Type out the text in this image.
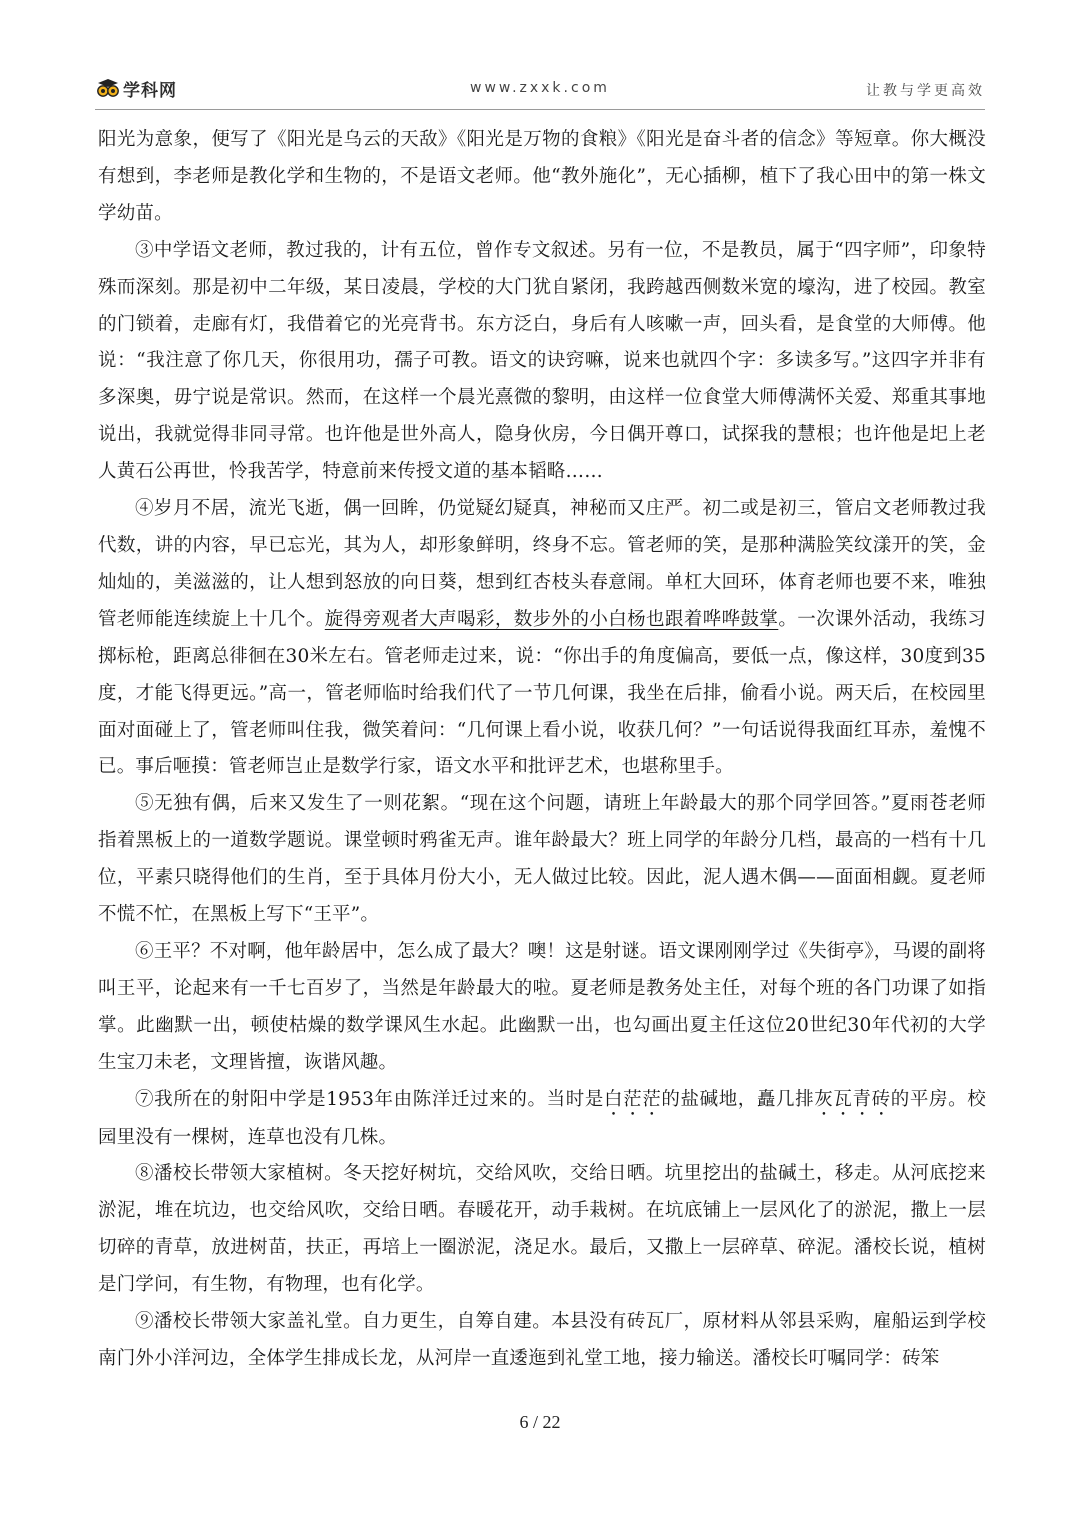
学科网	www.zxxk.com	让教与学更高效

阳光为意象，便写了《阳光是乌云的天敌》《阳光是万物的食粮》《阳光是奋斗者的信念》等短章。你大概没有想到，李老师是教化学和生物的，不是语文老师。他“教外施化”，无心插柳，植下了我心田中的第一株文学幼苗。

③中学语文老师，教过我的，计有五位，曾作专文叙述。另有一位，不是教员，属于“四字师”，印象特殊而深刻。那是初中二年级，某日凌晨，学校的大门犹自紧闭，我跨越西侧数米宽的壕沟，进了校园。教室的门锁着，走廊有灯，我借着它的光亮背书。东方泛白，身后有人咳嗽一声，回头看，是食堂的大师傅。他说：“我注意了你几天，你很用功，孺子可教。语文的诀窍嘛，说来也就四个字：多读多写。”这四字并非有多深奥，毋宁说是常识。然而，在这样一个晨光熹微的黎明，由这样一位食堂大师傅满怀关爱、郑重其事地说出，我就觉得非同寻常。也许他是世外高人，隐身伙房，今日偶开尊口，试探我的慧根；也许他是圯上老人黄石公再世，怜我苦学，特意前来传授文道的基本韬略……

④岁月不居，流光飞逝，偶一回眸，仍觉疑幻疑真，神秘而又庄严。初二或是初三，管启文老师教过我代数，讲的内容，早已忘光，其为人，却形象鲜明，终身不忘。管老师的笑，是那种满脸笑纹漾开的笑，金灿灿的，美滋滋的，让人想到怒放的向日葵，想到红杏枝头春意闹。单杠大回环，体育老师也要不来，唯独管老师能连续旋上十几个。旋得旁观者大声喝彩，数步外的小白杨也跟着哗哗鼓掌。一次课外活动，我练习掷标枪，距离总徘徊在30米左右。管老师走过来，说：“你出手的角度偏高，要低一点，像这样，30度到35度，才能飞得更远。”高一，管老师临时给我们代了一节几何课，我坐在后排，偷看小说。两天后，在校园里面对面碰上了，管老师叫住我，微笑着问：“几何课上看小说，收获几何？”一句话说得我面红耳赤，羞愧不已。事后咂摸：管老师岂止是数学行家，语文水平和批评艺术，也堪称里手。

⑤无独有偶，后来又发生了一则花絮。“现在这个问题，请班上年龄最大的那个同学回答。”夏雨苍老师指着黑板上的一道数学题说。课堂顿时鸦雀无声。谁年龄最大？班上同学的年龄分几档，最高的一档有十几位，平素只晓得他们的生肖，至于具体月份大小，无人做过比较。因此，泥人遇木偶——面面相觑。夏老师不慌不忙，在黑板上写下“王平”。

⑥王平？不对啊，他年龄居中，怎么成了最大？噢！这是射谜。语文课刚刚学过《失街亭》，马谡的副将叫王平，论起来有一千七百岁了，当然是年龄最大的啦。夏老师是教务处主任，对每个班的各门功课了如指掌。此幽默一出，顿使枯燥的数学课风生水起。此幽默一出，也勾画出夏主任这位20世纪30年代初的大学生宝刀未老，文理皆擅，诙谐风趣。

⑦我所在的射阳中学是1953年由陈洋迁过来的。当时是白茫茫的盐碱地，矗几排灰瓦青砖的平房。校园里没有一棵树，连草也没有几株。

⑧潘校长带领大家植树。冬天挖好树坑，交给风吹，交给日晒。坑里挖出的盐碱土，移走。从河底挖来淤泥，堆在坑边，也交给风吹，交给日晒。春暖花开，动手栽树。在坑底铺上一层风化了的淤泥，撒上一层切碎的青草，放进树苗，扶正，再培上一圈淤泥，浇足水。最后，又撒上一层碎草、碎泥。潘校长说，植树是门学问，有生物，有物理，也有化学。

⑨潘校长带领大家盖礼堂。自力更生，自筹自建。本县没有砖瓦厂，原材料从邻县采购，雇船运到学校南门外小洋河边，全体学生排成长龙，从河岸一直逶迤到礼堂工地，接力输送。潘校长叮嘱同学：砖笨

6 / 22
